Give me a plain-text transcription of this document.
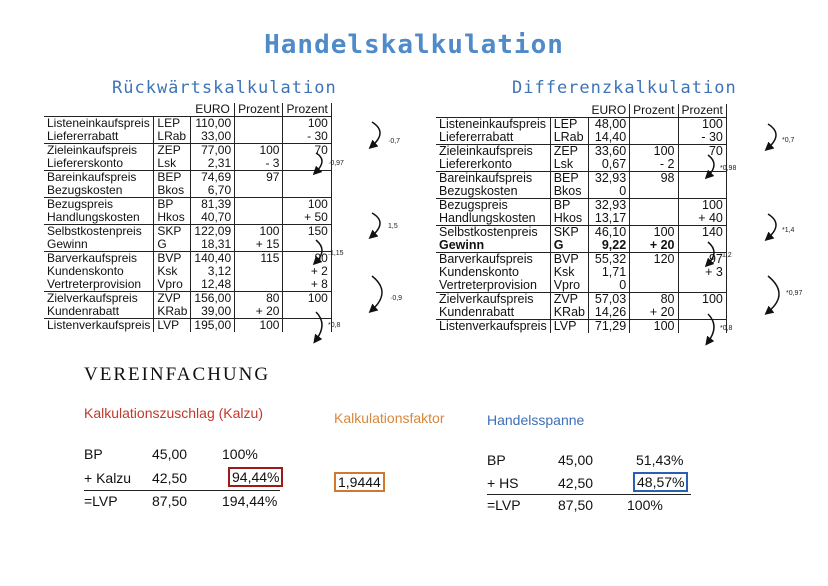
Handelskalkulation
Rückwärtskalkulation	Differenzkalkulation
		EURO	Prozent	Prozent
Listeneinkaufspreis	LEP	110,00		100
Liefererrabatt	LRab	33,00		- 30
Zieleinkaufspreis	ZEP	77,00	100	70
Liefererskonto	Lsk	2,31	- 3	
Bareinkaufspreis	BEP	74,69	97	
Bezugskosten	Bkos	6,70		
Bezugspreis	BP	81,39		100
Handlungskosten	Hkos	40,70		+ 50
Selbstkostenpreis	SKP	122,09	100	150
Gewinn	G	18,31	+ 15	
Barverkaufspreis	BVP	140,40	115	90
Kundenskonto	Ksk	3,12		+ 2
Vertreterprovision	Vpro	12,48		+ 8
Zielverkaufspreis	ZVP	156,00	80	100
Kundenrabatt	KRab	39,00	+ 20	
Listenverkaufspreis	LVP	195,00	100	
		EURO	Prozent	Prozent
Listeneinkaufspreis	LEP	48,00		100
Liefererrabatt	LRab	14,40		- 30
Zieleinkaufspreis	ZEP	33,60	100	70
Liefererkonto	Lsk	0,67	- 2	
Bareinkaufspreis	BEP	32,93	98	
Bezugskosten	Bkos	0		
Bezugspreis	BP	32,93		100
Handlungskosten	Hkos	13,17		+ 40
Selbstkostenpreis	SKP	46,10	100	140
Gewinn	G	9,22	+ 20	
Barverkaufspreis	BVP	55,32	120	97
Kundenskonto	Ksk	1,71		+ 3
Vertreterprovision	Vpro	0		
Zielverkaufspreis	ZVP	57,03	80	100
Kundenrabatt	KRab	14,26	+ 20	
Listenverkaufspreis	LVP	71,29	100	
·0,7
·0,97
1,5
:1,15
·0,9
*0,8
*0,7
*0,98
*1,4
:1,2
*0,97
*0,8
VEREINFACHUNG
Kalkulationszuschlag (Kalzu)	Kalkulationsfaktor	Handelsspanne
BP	45,00 100%
+ Kalzu 42,50	94,44%
=LVP 87,50 194,44%
1,9444
BP	45,00	51,43%
+ HS	42,50	48,57%
=LVP	87,50 100%
